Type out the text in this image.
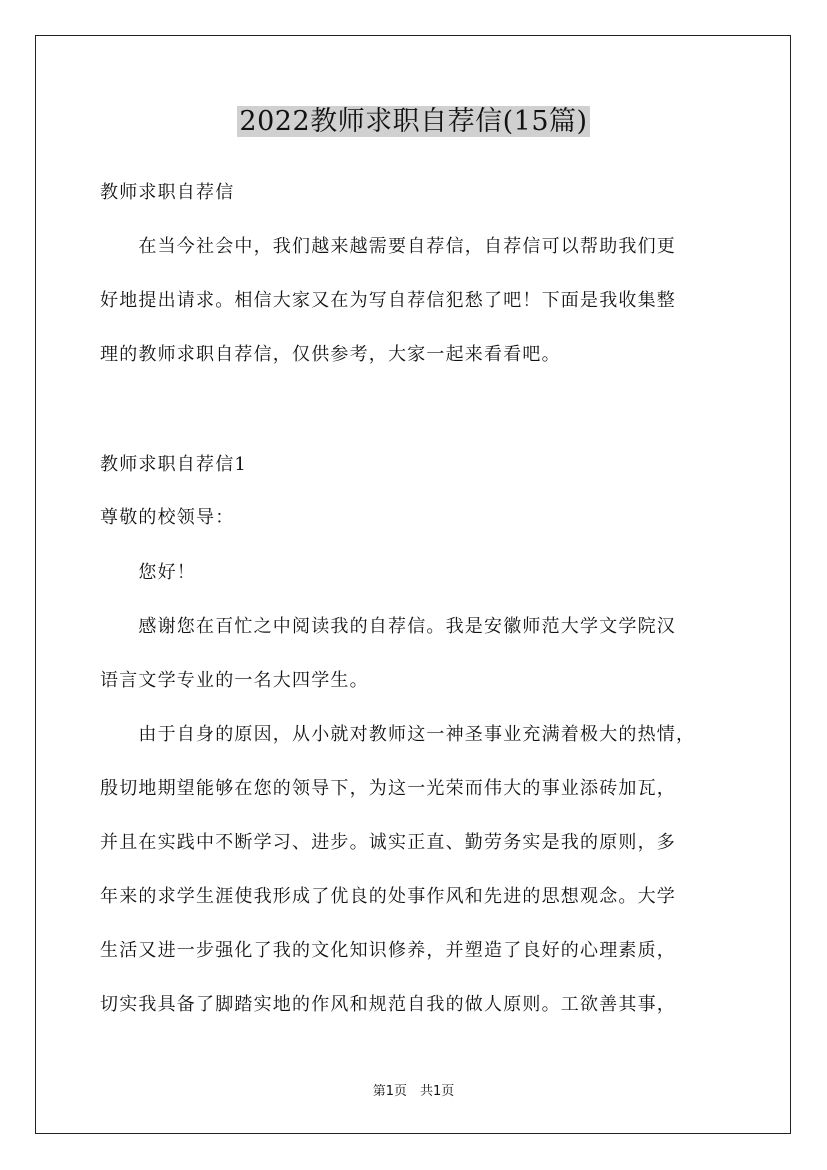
2022教师求职自荐信(15篇)
教师求职自荐信
　　在当今社会中，我们越来越需要自荐信，自荐信可以帮助我们更
好地提出请求。相信大家又在为写自荐信犯愁了吧！下面是我收集整
理的教师求职自荐信，仅供参考，大家一起来看看吧。
教师求职自荐信1
尊敬的校领导：
　　您好！
　　感谢您在百忙之中阅读我的自荐信。我是安徽师范大学文学院汉
语言文学专业的一名大四学生。
　　由于自身的原因，从小就对教师这一神圣事业充满着极大的热情，
殷切地期望能够在您的领导下，为这一光荣而伟大的事业添砖加瓦，
并且在实践中不断学习、进步。诚实正直、勤劳务实是我的原则，多
年来的求学生涯使我形成了优良的处事作风和先进的思想观念。大学
生活又进一步强化了我的文化知识修养，并塑造了良好的心理素质，
切实我具备了脚踏实地的作风和规范自我的做人原则。工欲善其事，
第1页　共1页
